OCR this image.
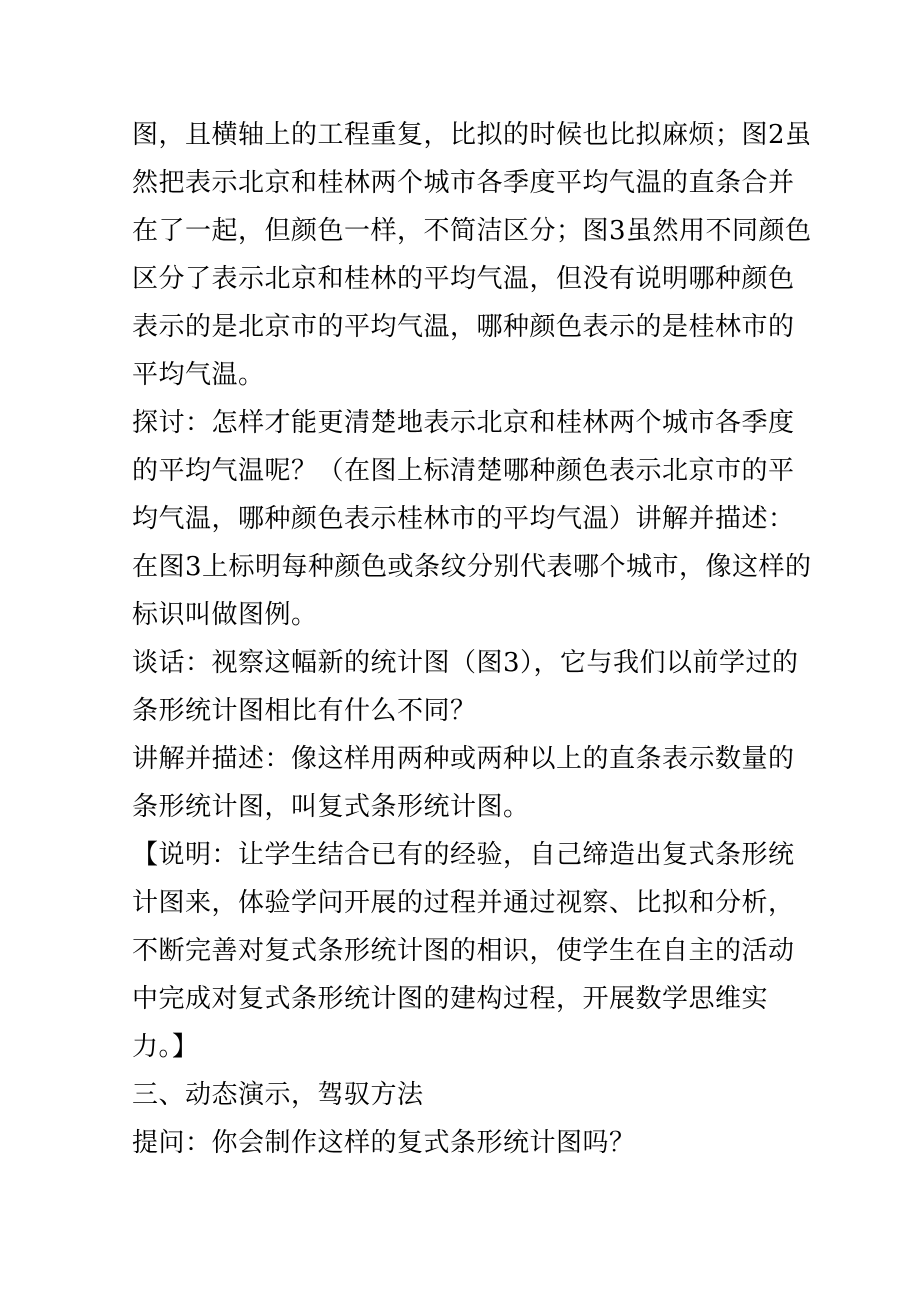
图，且横轴上的工程重复，比拟的时候也比拟麻烦；图2虽
然把表示北京和桂林两个城市各季度平均气温的直条合并
在了一起，但颜色一样，不简洁区分；图3虽然用不同颜色
区分了表示北京和桂林的平均气温，但没有说明哪种颜色
表示的是北京市的平均气温，哪种颜色表示的是桂林市的
平均气温。
探讨：怎样才能更清楚地表示北京和桂林两个城市各季度
的平均气温呢？（在图上标清楚哪种颜色表示北京市的平
均气温，哪种颜色表示桂林市的平均气温）讲解并描述：
在图3上标明每种颜色或条纹分别代表哪个城市，像这样的
标识叫做图例。
谈话：视察这幅新的统计图（图3），它与我们以前学过的
条形统计图相比有什么不同？
讲解并描述：像这样用两种或两种以上的直条表示数量的
条形统计图，叫复式条形统计图。
【说明：让学生结合已有的经验，自己缔造出复式条形统
计图来，体验学问开展的过程并通过视察、比拟和分析，
不断完善对复式条形统计图的相识，使学生在自主的活动
中完成对复式条形统计图的建构过程，开展数学思维实
力。】
三、动态演示，驾驭方法
提问：你会制作这样的复式条形统计图吗？
